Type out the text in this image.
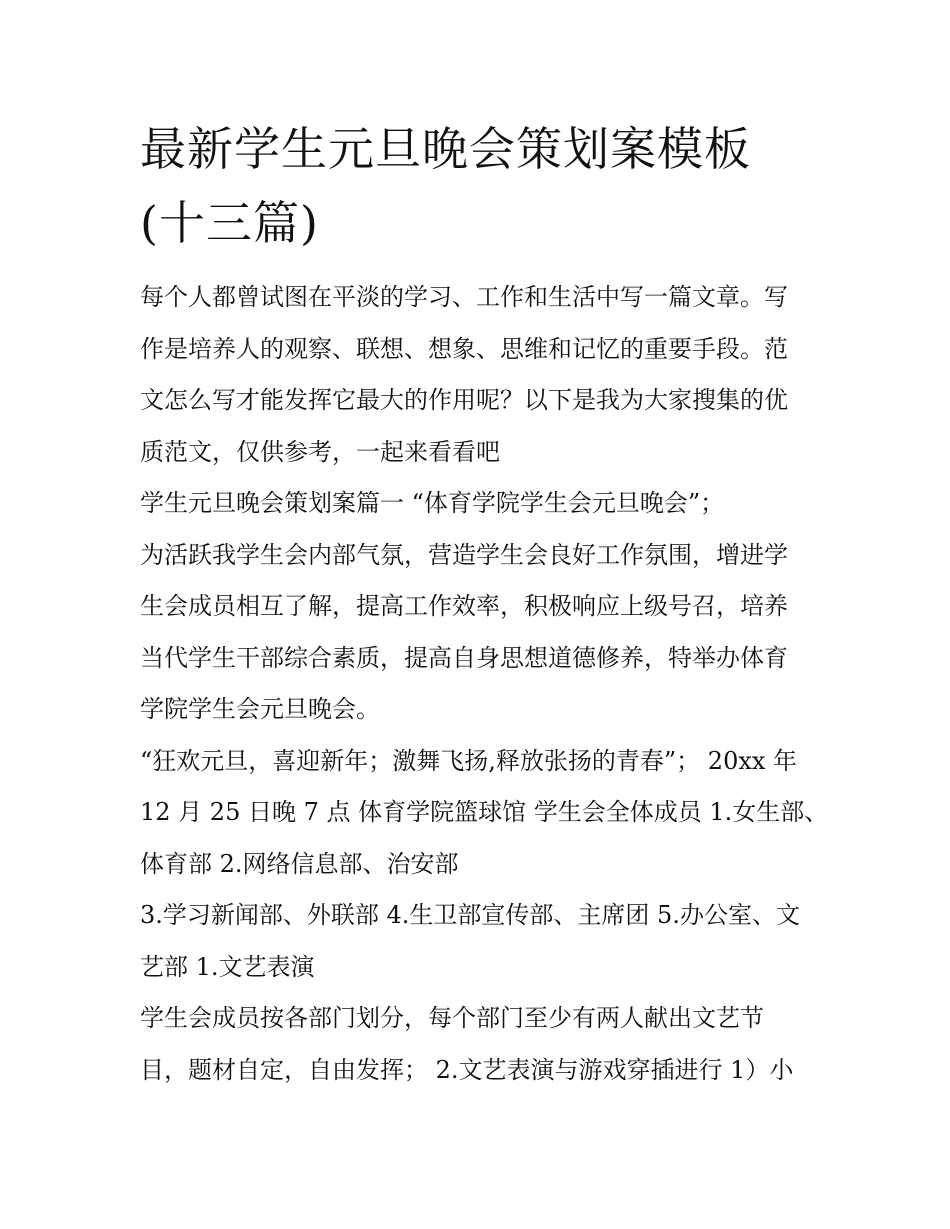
最新学生元旦晚会策划案模板
(十三篇)

每个人都曾试图在平淡的学习、工作和生活中写一篇文章。写
作是培养人的观察、联想、想象、思维和记忆的重要手段。范
文怎么写才能发挥它最大的作用呢？以下是我为大家搜集的优
质范文，仅供参考，一起来看看吧

学生元旦晚会策划案篇一 “体育学院学生会元旦晚会”；

为活跃我学生会内部气氛，营造学生会良好工作氛围，增进学
生会成员相互了解，提高工作效率，积极响应上级号召，培养
当代学生干部综合素质，提高自身思想道德修养，特举办体育
学院学生会元旦晚会。

“狂欢元旦，喜迎新年；激舞飞扬,释放张扬的青春”； 20xx 年
12 月 25 日晚 7 点 体育学院篮球馆 学生会全体成员 1.女生部、
体育部 2.网络信息部、治安部

3.学习新闻部、外联部 4.生卫部宣传部、主席团 5.办公室、文
艺部 1.文艺表演

学生会成员按各部门划分，每个部门至少有两人献出文艺节
目，题材自定，自由发挥； 2.文艺表演与游戏穿插进行 1）小
